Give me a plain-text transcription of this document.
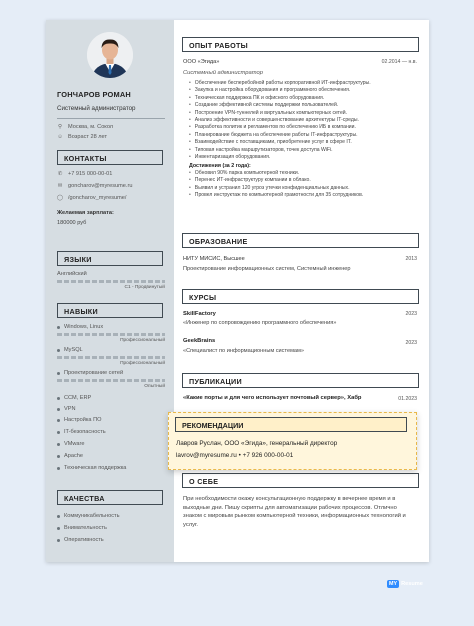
ГОНЧАРОВ РОМАН
Системный администратор
⚲ Москва, м. Сокол
☺ Возраст 28 лет
КОНТАКТЫ
✆ +7 915 000-00-01
✉ goncharov@myresume.ru
◯ /goncharov_myresume/
Желаемая зарплата:
180000 руб
ЯЗЫКИ
Английский
С1 - Продвинутый
НАВЫКИ
Windows, Linux
Профессиональный
MySQL
Профессиональный
Проектирование сетей
Опытный
ССМ, ERP
VPN
Настройка ПО
IT-безопасность
VMware
Apache
Техническая поддержка
КАЧЕСТВА
Коммуникабельность
Внимательность
Оперативность
ОПЫТ РАБОТЫ
ООО «Эгида»	02.2014 — н.в.
Системный администратор
• Обеспечение бесперебойной работы корпоративной ИТ-инфраструктуры.
• Закупка и настройка оборудования и программного обеспечения.
• Техническая поддержка ПК и офисного оборудования.
• Создание эффективной системы поддержки пользователей.
• Построение VPN-туннелей и виртуальных компьютерных сетей.
• Анализ эффективности и совершенствование архитектуры IT-среды.
• Разработка политик и регламентов по обеспечению ИБ в компании.
• Планирование бюджета на обеспечение работы IT-инфраструктуры.
• Взаимодействие с поставщиками, приобретение услуг в сфере IT.
• Типовая настройка маршрутизаторов, точек доступа WiFi.
• Инвентаризация оборудования.
Достижения (за 2 года):
• Обновил 90% парка компьютерной техники.
• Перенес ИТ-инфраструктуру компании в облако.
• Выявил и устранил 120 угроз утечки конфиденциальных данных.
• Провел инструктаж по компьютерной грамотности для 35 сотрудников.
ОБРАЗОВАНИЕ
НИТУ МИСИС, Высшее	2013
Проектирование информационных систем, Системный инженер
КУРСЫ
SkillFactory	2023
«Инженер по сопровождению программного обеспечения»
GeekBrains	2023
«Специалист по информационным системам»
ПУБЛИКАЦИИ
«Какие порты и для чего использует почтовый сервер», Хабр	01.2023
О СЕБЕ
При необходимости окажу консультационную поддержку в вечернее время и в выходные дни. Пишу скрипты для автоматизации рабочих процессов. Отлично знаком с мировым рынком компьютерной техники, информационных технологий и услуг.
РЕКОМЕНДАЦИИ
Лавров Руслан, ООО «Эгида», генеральный директор
lavrov@myresume.ru • +7 926 000-00-01
MY Resume
